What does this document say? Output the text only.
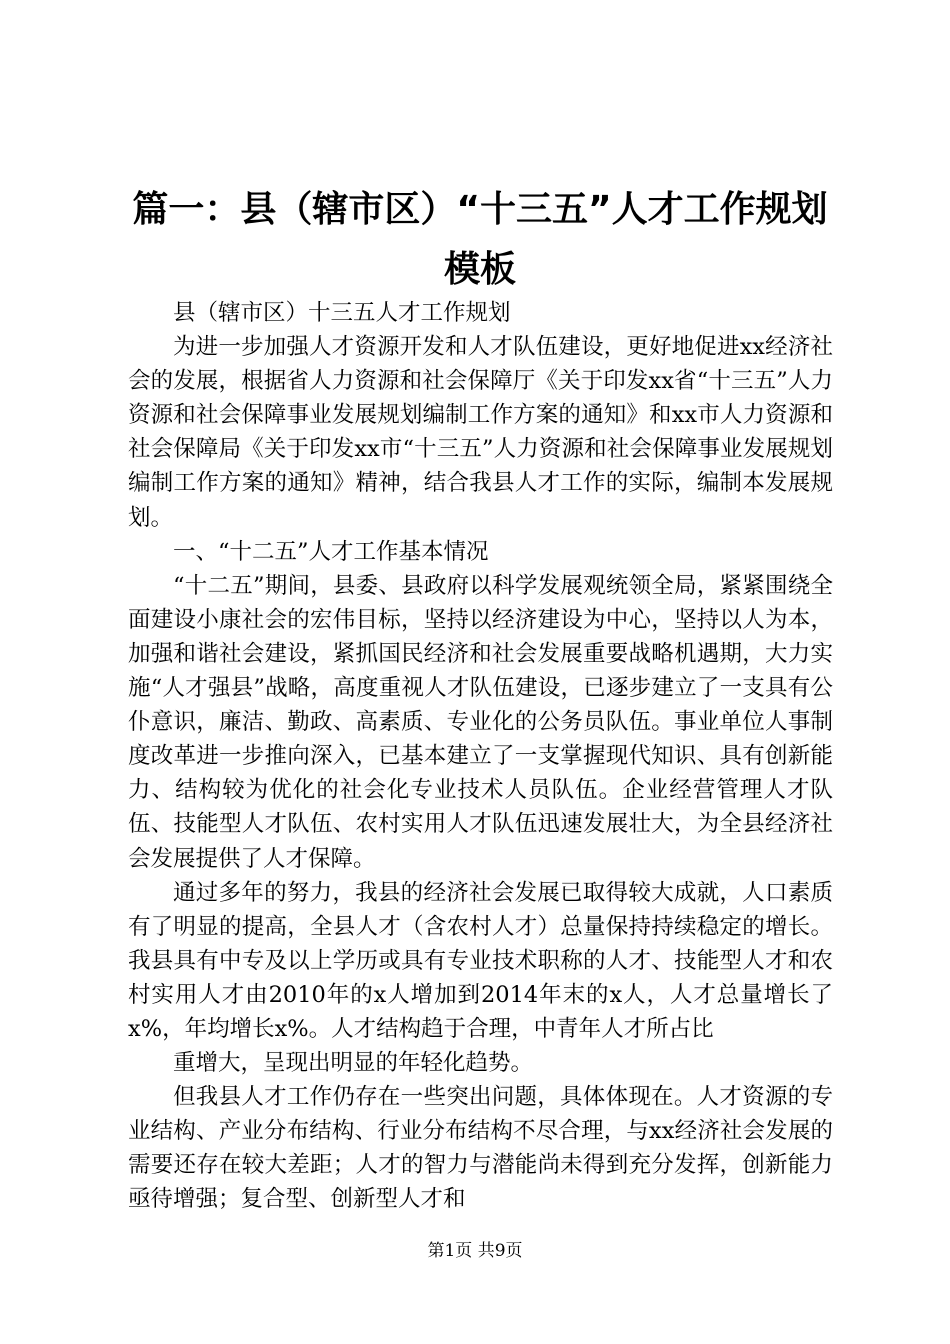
篇一：县（辖市区）“十三五”人才工作规划
模板

县（辖市区）十三五人才工作规划

为进一步加强人才资源开发和人才队伍建设，更好地促进xx经济社会的发展，根据省人力资源和社会保障厅《关于印发xx省“十三五”人力资源和社会保障事业发展规划编制工作方案的通知》和xx市人力资源和社会保障局《关于印发xx市“十三五”人力资源和社会保障事业发展规划编制工作方案的通知》精神，结合我县人才工作的实际，编制本发展规划。

一、“十二五”人才工作基本情况

“十二五”期间，县委、县政府以科学发展观统领全局，紧紧围绕全面建设小康社会的宏伟目标，坚持以经济建设为中心，坚持以人为本，加强和谐社会建设，紧抓国民经济和社会发展重要战略机遇期，大力实施“人才强县”战略，高度重视人才队伍建设，已逐步建立了一支具有公仆意识，廉洁、勤政、高素质、专业化的公务员队伍。事业单位人事制度改革进一步推向深入，已基本建立了一支掌握现代知识、具有创新能力、结构较为优化的社会化专业技术人员队伍。企业经营管理人才队伍、技能型人才队伍、农村实用人才队伍迅速发展壮大，为全县经济社会发展提供了人才保障。

通过多年的努力，我县的经济社会发展已取得较大成就，人口素质有了明显的提高，全县人才（含农村人才）总量保持持续稳定的增长。我县具有中专及以上学历或具有专业技术职称的人才、技能型人才和农村实用人才由2010年的x人增加到2014年末的x人，人才总量增长了x%，年均增长x%。人才结构趋于合理，中青年人才所占比

重增大，呈现出明显的年轻化趋势。

但我县人才工作仍存在一些突出问题，具体体现在。人才资源的专业结构、产业分布结构、行业分布结构不尽合理，与xx经济社会发展的需要还存在较大差距；人才的智力与潜能尚未得到充分发挥，创新能力亟待增强；复合型、创新型人才和

第1页 共9页
